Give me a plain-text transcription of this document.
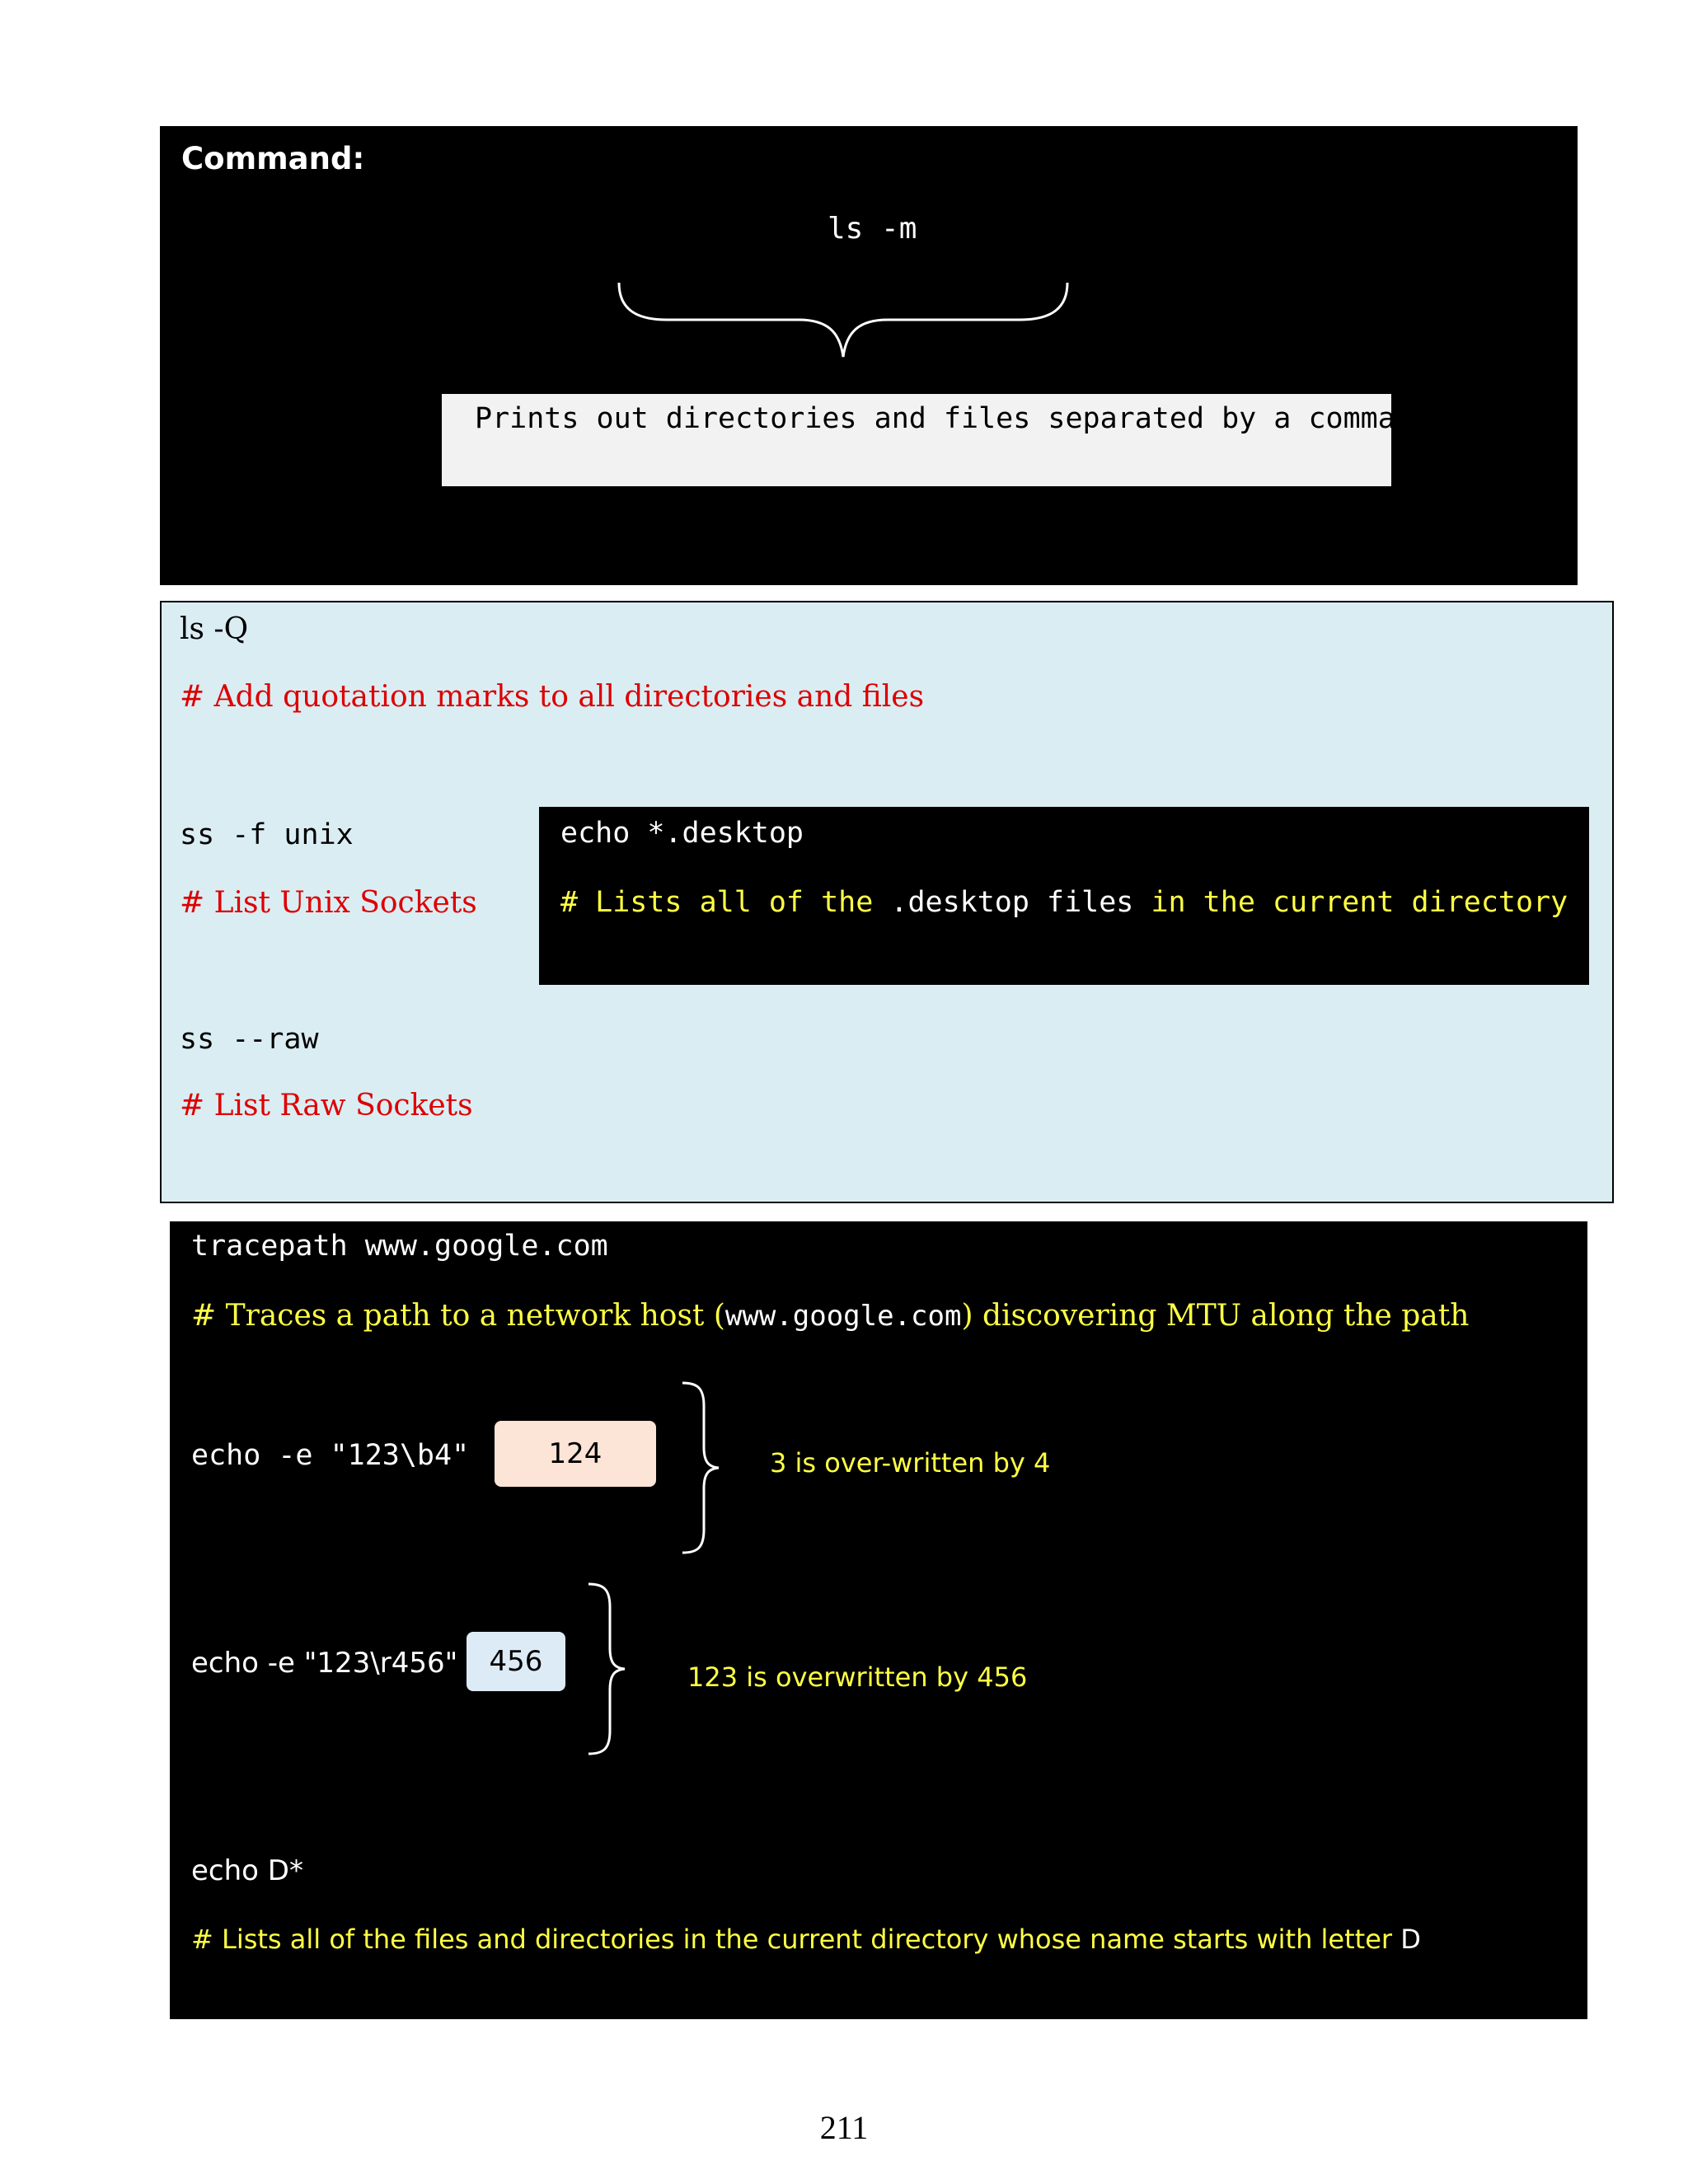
Command:
ls -m
Prints out directories and files separated by a comma
ls -Q
# Add quotation marks to all directories and files
ss -f unix
# List Unix Sockets
echo *.desktop
# Lists all of the .desktop files in the current directory
ss --raw
# List Raw Sockets
tracepath www.google.com
# Traces a path to a network host (www.google.com) discovering MTU along the path
echo -e "123\b4"	124	3 is over-written by 4
echo -e "123\r456"	456	123 is overwritten by 456
echo D*
# Lists all of the files and directories in the current directory whose name starts with letter D
211
